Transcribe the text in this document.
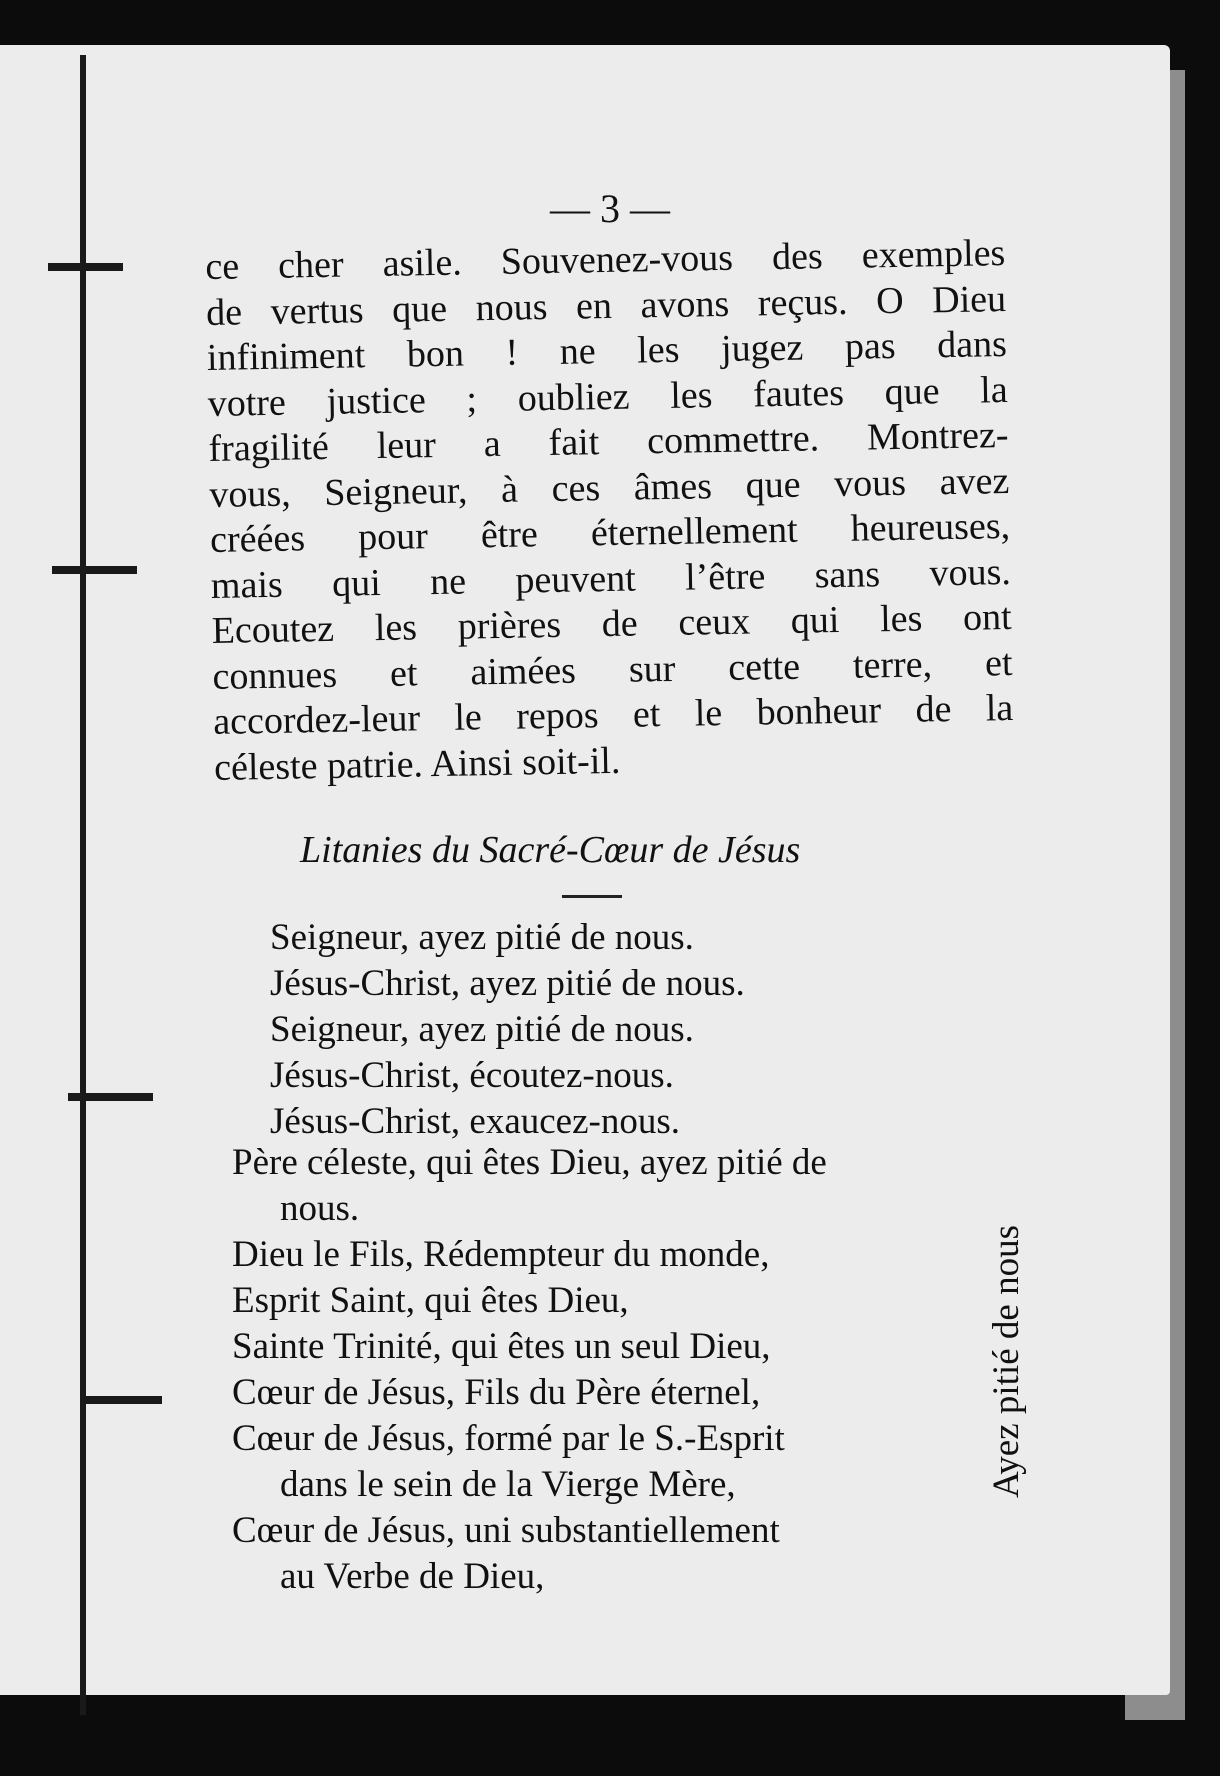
— 3 —
ce cher asile. Souvenez-vous des exemples
de vertus que nous en avons reçus. O Dieu
infiniment bon ! ne les jugez pas dans
votre justice ; oubliez les fautes que la
fragilité leur a fait commettre. Montrez-
vous, Seigneur, à ces âmes que vous avez
créées pour être éternellement heureuses,
mais qui ne peuvent l’être sans vous.
Ecoutez les prières de ceux qui les ont
connues et aimées sur cette terre, et
accordez-leur le repos et le bonheur de la
céleste patrie. Ainsi soit-il.
Litanies du Sacré-Cœur de Jésus
Seigneur, ayez pitié de nous.
Jésus-Christ, ayez pitié de nous.
Seigneur, ayez pitié de nous.
Jésus-Christ, écoutez-nous.
Jésus-Christ, exaucez-nous.
Père céleste, qui êtes Dieu, ayez pitié de
nous.
Dieu le Fils, Rédempteur du monde,
Esprit Saint, qui êtes Dieu,
Sainte Trinité, qui êtes un seul Dieu,
Cœur de Jésus, Fils du Père éternel,
Cœur de Jésus, formé par le S.-Esprit
dans le sein de la Vierge Mère,
Cœur de Jésus, uni substantiellement
au Verbe de Dieu,
Ayez pitié de nous
